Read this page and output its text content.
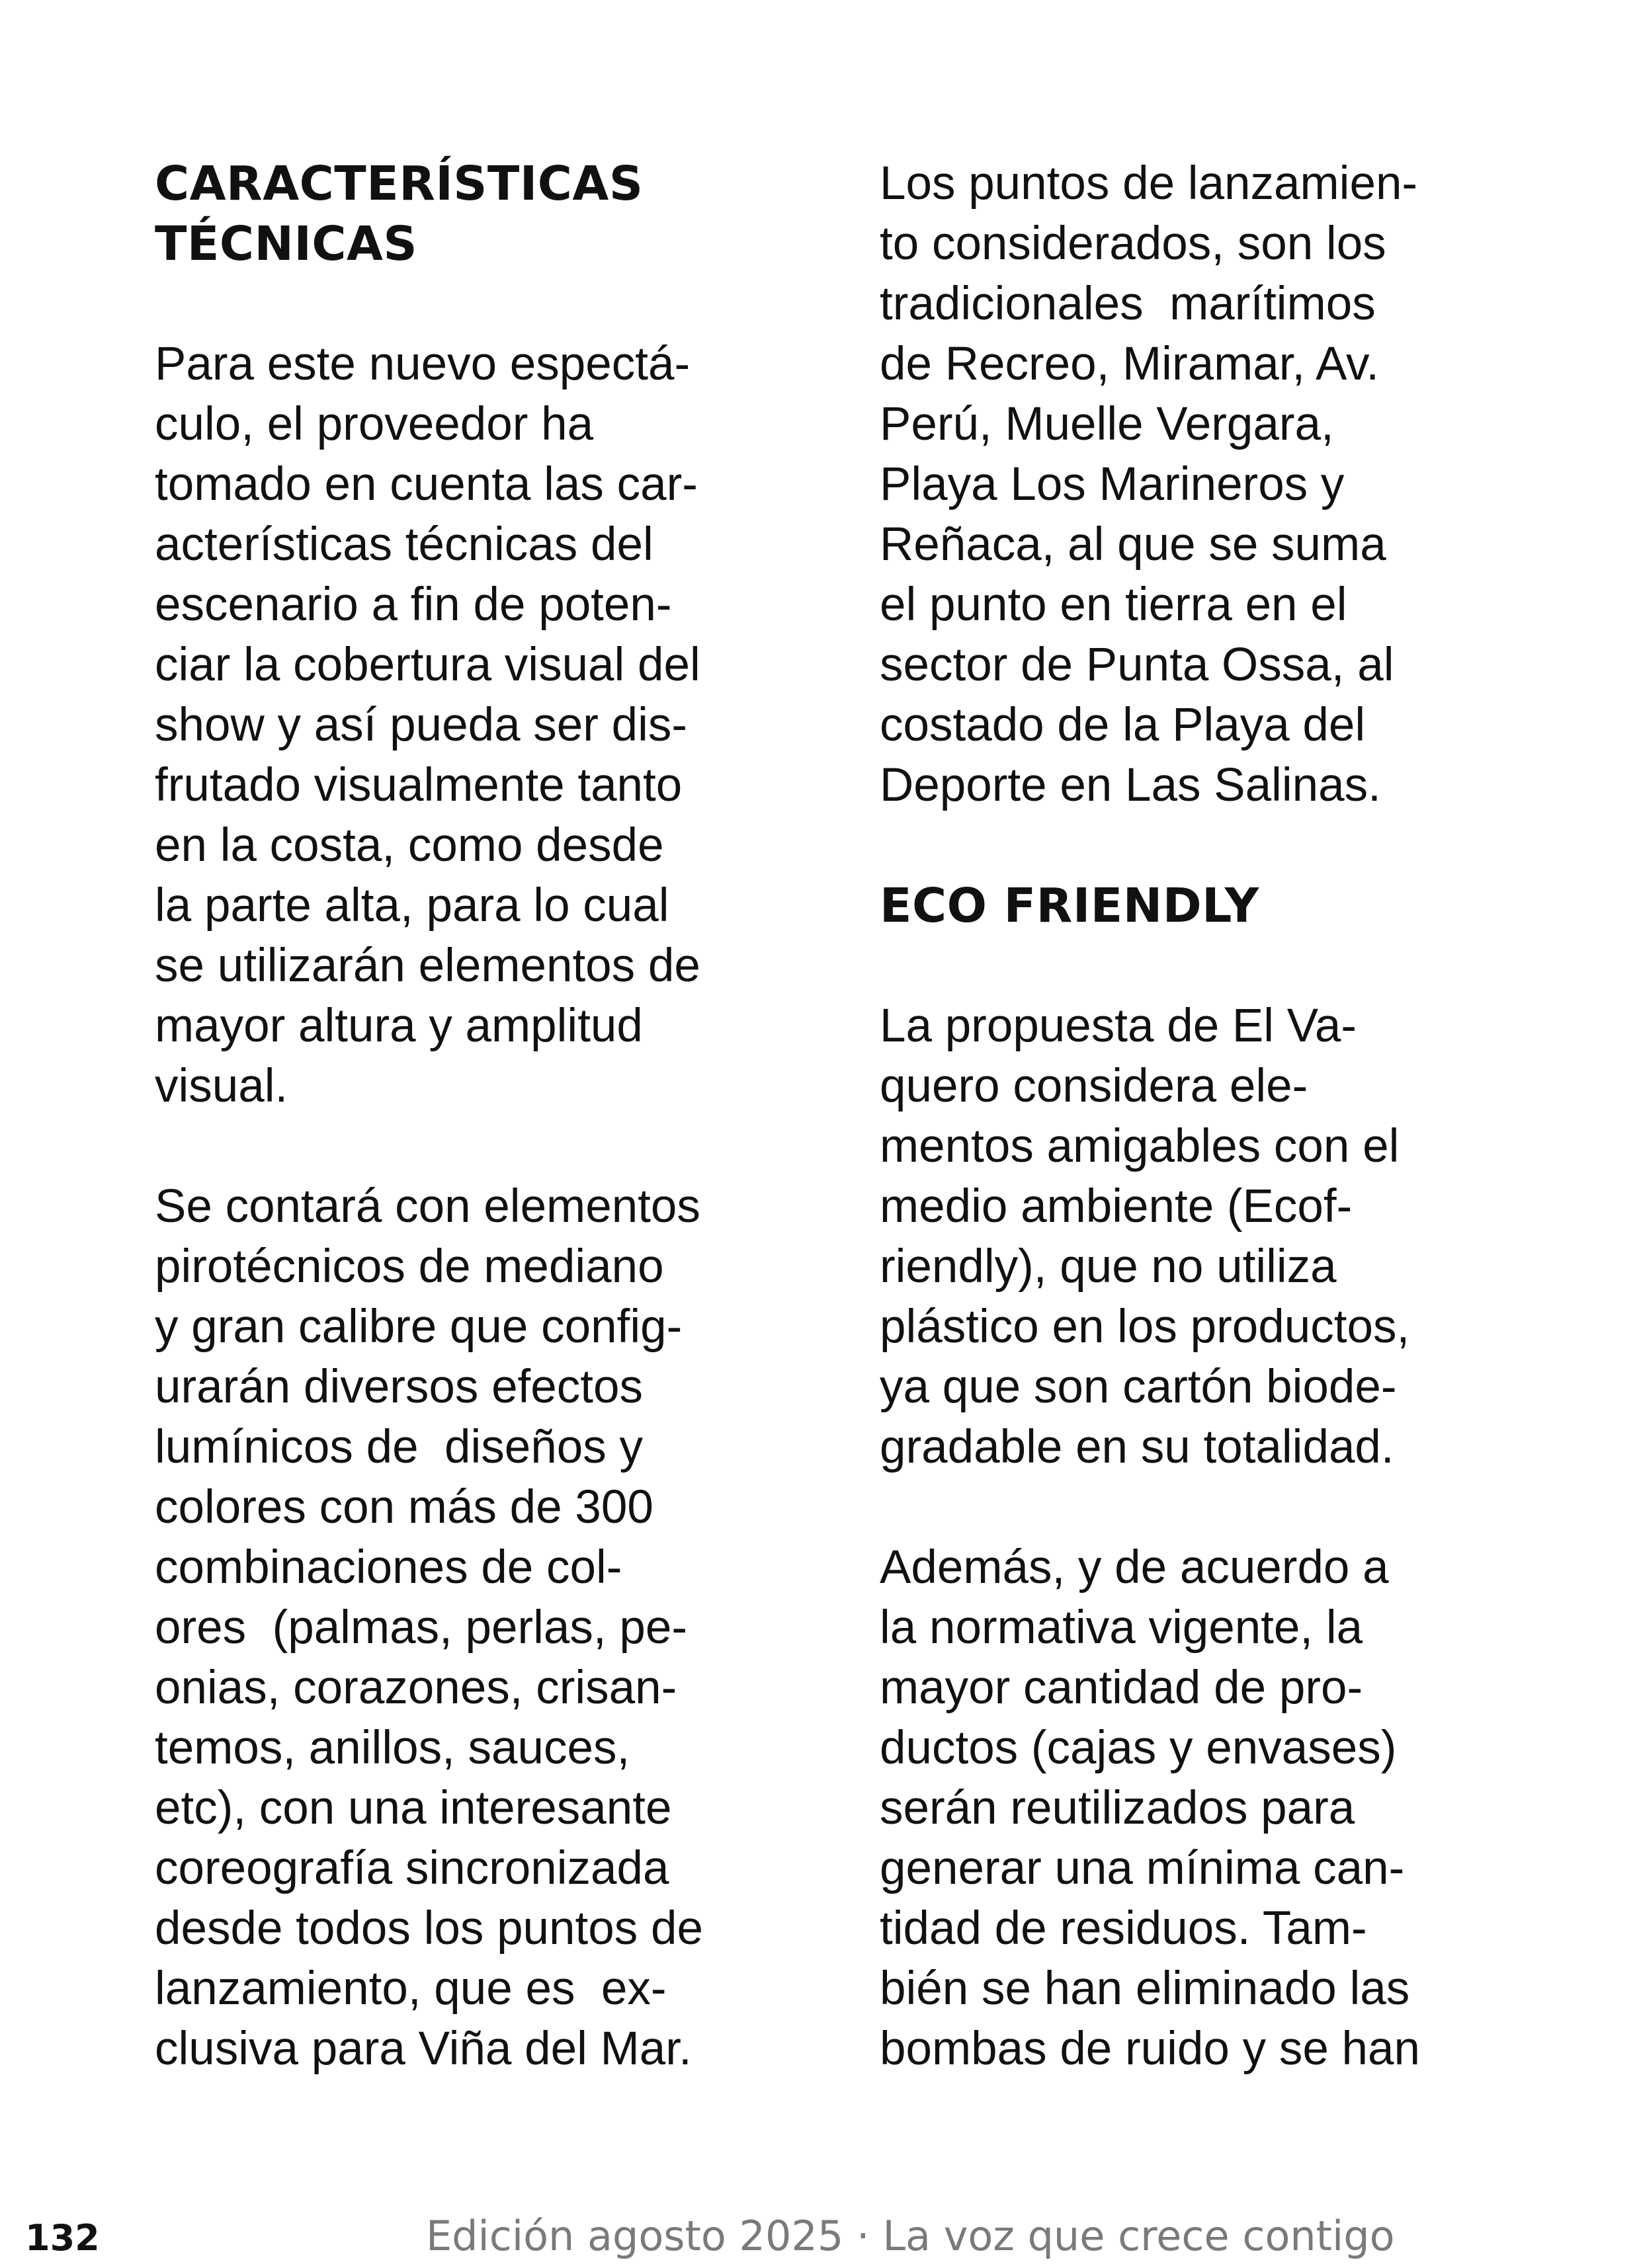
CARACTERÍSTICAS
TÉCNICAS
Para este nuevo espectá-
culo, el proveedor ha
tomado en cuenta las car-
acterísticas técnicas del
escenario a fin de poten-
ciar la cobertura visual del
show y así pueda ser dis-
frutado visualmente tanto
en la costa, como desde
la parte alta, para lo cual
se utilizarán elementos de
mayor altura y amplitud
visual.
Se contará con elementos
pirotécnicos de mediano
y gran calibre que config-
urarán diversos efectos
lumínicos de  diseños y
colores con más de 300
combinaciones de col-
ores  (palmas, perlas, pe-
onias, corazones, crisan-
temos, anillos, sauces,
etc), con una interesante
coreografía sincronizada
desde todos los puntos de
lanzamiento, que es  ex-
clusiva para Viña del Mar.
Los puntos de lanzamien-
to considerados, son los
tradicionales  marítimos
de Recreo, Miramar, Av.
Perú, Muelle Vergara,
Playa Los Marineros y
Reñaca, al que se suma
el punto en tierra en el
sector de Punta Ossa, al
costado de la Playa del
Deporte en Las Salinas.
ECO FRIENDLY
La propuesta de El Va-
quero considera ele-
mentos amigables con el
medio ambiente (Ecof-
riendly), que no utiliza
plástico en los productos,
ya que son cartón biode-
gradable en su totalidad.
Además, y de acuerdo a
la normativa vigente, la
mayor cantidad de pro-
ductos (cajas y envases)
serán reutilizados para
generar una mínima can-
tidad de residuos. Tam-
bién se han eliminado las
bombas de ruido y se han
132	Edición agosto 2025 · La voz que crece contigo
